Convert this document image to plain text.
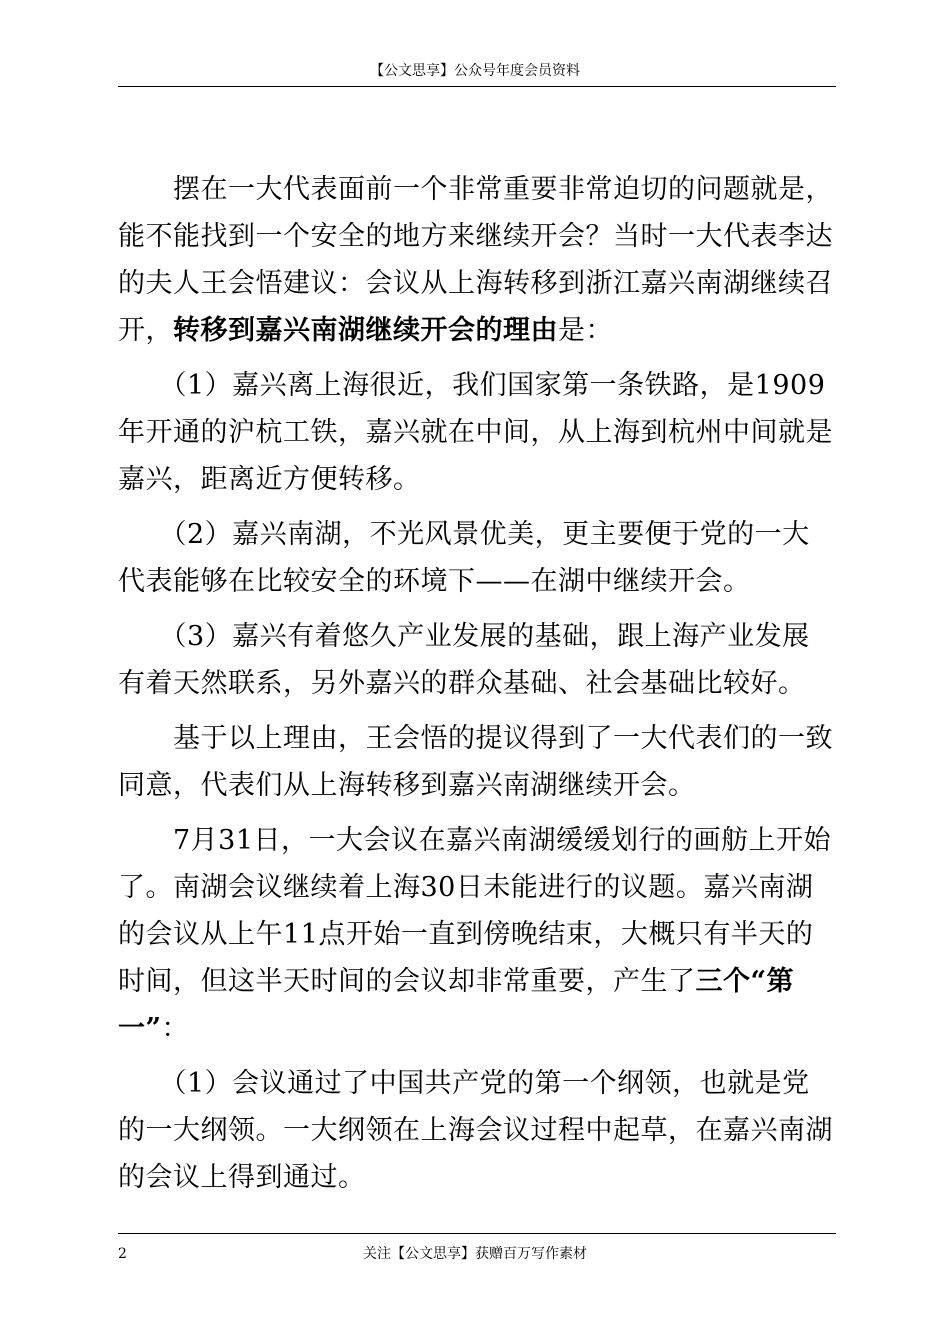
【公文思享】公众号年度会员资料

　　摆在一大代表面前一个非常重要非常迫切的问题就是，能不能找到一个安全的地方来继续开会？当时一大代表李达的夫人王会悟建议：会议从上海转移到浙江嘉兴南湖继续召开，转移到嘉兴南湖继续开会的理由是：

　　（1）嘉兴离上海很近，我们国家第一条铁路，是1909年开通的沪杭工铁，嘉兴就在中间，从上海到杭州中间就是嘉兴，距离近方便转移。

　　（2）嘉兴南湖，不光风景优美，更主要便于党的一大代表能够在比较安全的环境下——在湖中继续开会。

　　（3）嘉兴有着悠久产业发展的基础，跟上海产业发展有着天然联系，另外嘉兴的群众基础、社会基础比较好。

　　基于以上理由，王会悟的提议得到了一大代表们的一致同意，代表们从上海转移到嘉兴南湖继续开会。

　　7月31日，一大会议在嘉兴南湖缓缓划行的画舫上开始了。南湖会议继续着上海30日未能进行的议题。嘉兴南湖的会议从上午11点开始一直到傍晚结束，大概只有半天的时间，但这半天时间的会议却非常重要，产生了三个“第一”：

　　（1）会议通过了中国共产党的第一个纲领，也就是党的一大纲领。一大纲领在上海会议过程中起草，在嘉兴南湖的会议上得到通过。

2	关注【公文思享】获赠百万写作素材
